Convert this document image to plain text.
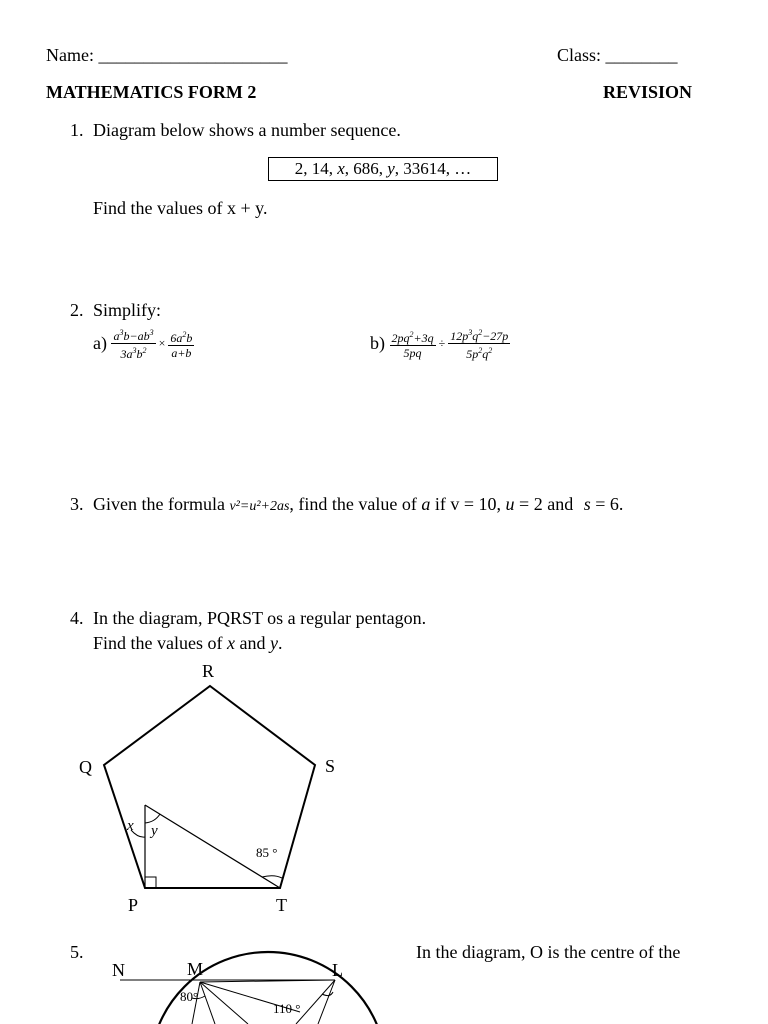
Name: _____________________	Class: ________
MATHEMATICS FORM 2	REVISION
1. Diagram below shows a number sequence.
2, 14, x, 686, y, 33614, …
Find the values of x + y.
2. Simplify:
$a) \frac{a^3b-ab^3}{3a^3b^2} \times \frac{6a^2b}{a+b}$	$b) \frac{2pq^2+3q}{5pq} \div \frac{12p^3q^2-27p}{5p^2q^2}$
3. Given the formula v²=u²+2as, find the value of a if v = 10, u = 2 and s = 6.
4. In the diagram, PQRST os a regular pentagon.
Find the values of x and y.
R
Q	S
P	T
x y
85 °
5.	In the diagram, O is the centre of the
N	M	L
80°
110 °
